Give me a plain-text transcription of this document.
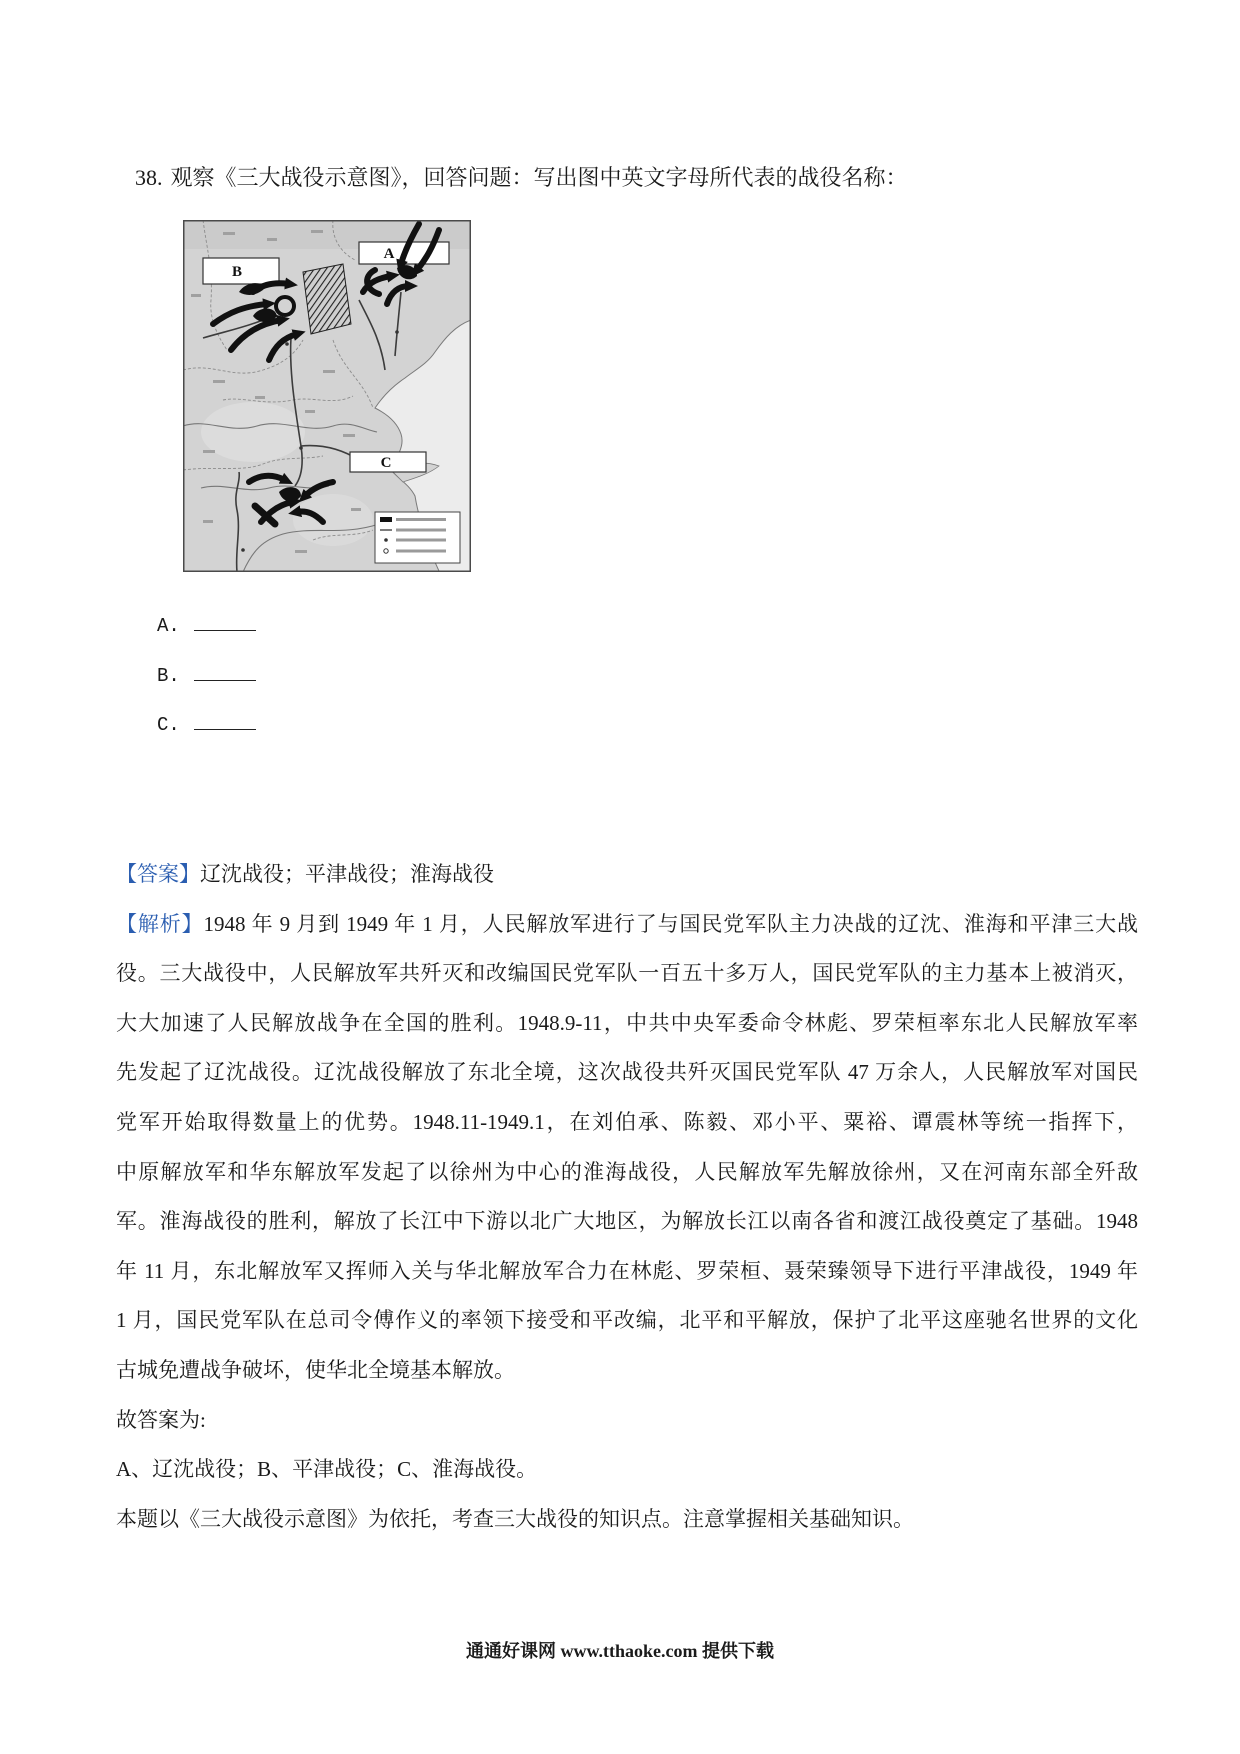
38. 观察《三大战役示意图》，回答问题：写出图中英文字母所代表的战役名称：
B
A
C
A.
B.
C.
【答案】辽沈战役；平津战役；淮海战役
【解析】1948 年 9 月到 1949 年 1 月，人民解放军进行了与国民党军队主力决战的辽沈、淮海和平津三大战
役。三大战役中，人民解放军共歼灭和改编国民党军队一百五十多万人，国民党军队的主力基本上被消灭，
大大加速了人民解放战争在全国的胜利。1948.9-11，中共中央军委命令林彪、罗荣桓率东北人民解放军率
先发起了辽沈战役。辽沈战役解放了东北全境，这次战役共歼灭国民党军队 47 万余人，人民解放军对国民
党军开始取得数量上的优势。1948.11-1949.1，在刘伯承、陈毅、邓小平、粟裕、谭震林等统一指挥下，
中原解放军和华东解放军发起了以徐州为中心的淮海战役，人民解放军先解放徐州，又在河南东部全歼敌
军。淮海战役的胜利，解放了长江中下游以北广大地区，为解放长江以南各省和渡江战役奠定了基础。1948
年 11 月，东北解放军又挥师入关与华北解放军合力在林彪、罗荣桓、聂荣臻领导下进行平津战役，1949 年
1 月，国民党军队在总司令傅作义的率领下接受和平改编，北平和平解放，保护了北平这座驰名世界的文化
古城免遭战争破坏，使华北全境基本解放。
故答案为:
A、辽沈战役；B、平津战役；C、淮海战役。
本题以《三大战役示意图》为依托，考查三大战役的知识点。注意掌握相关基础知识。
通通好课网 www.tthaoke.com 提供下载
